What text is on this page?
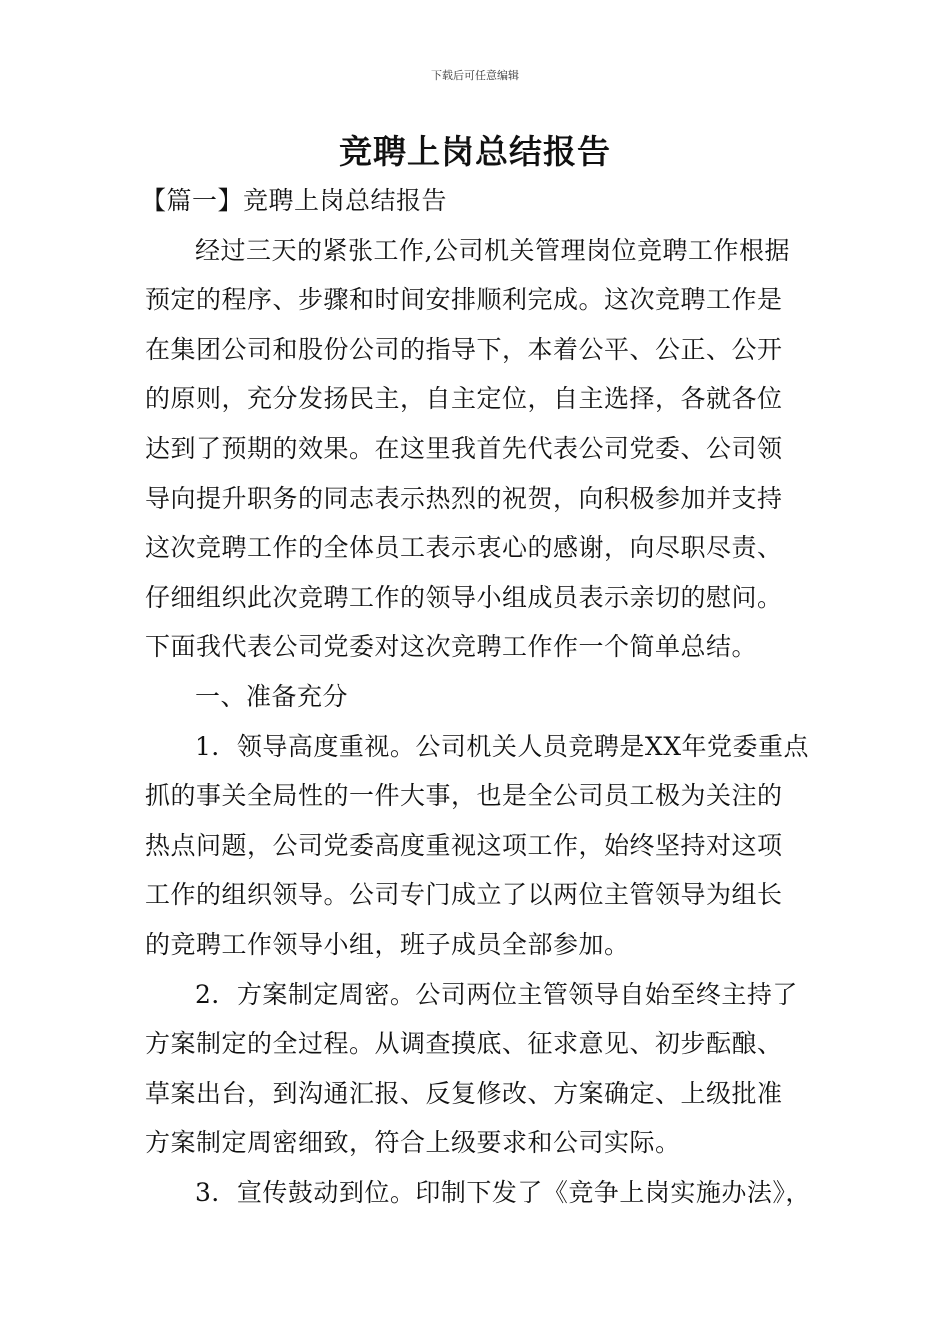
下载后可任意编辑
竞聘上岗总结报告
【篇一】竞聘上岗总结报告
经过三天的紧张工作,公司机关管理岗位竞聘工作根据
预定的程序、步骤和时间安排顺利完成。这次竞聘工作是
在集团公司和股份公司的指导下，本着公平、公正、公开
的原则，充分发扬民主，自主定位，自主选择，各就各位
达到了预期的效果。在这里我首先代表公司党委、公司领
导向提升职务的同志表示热烈的祝贺，向积极参加并支持
这次竞聘工作的全体员工表示衷心的感谢，向尽职尽责、
仔细组织此次竞聘工作的领导小组成员表示亲切的慰问。
下面我代表公司党委对这次竞聘工作作一个简单总结。
一、准备充分
1．领导高度重视。公司机关人员竞聘是XX年党委重点
抓的事关全局性的一件大事，也是全公司员工极为关注的
热点问题，公司党委高度重视这项工作，始终坚持对这项
工作的组织领导。公司专门成立了以两位主管领导为组长
的竞聘工作领导小组，班子成员全部参加。
2．方案制定周密。公司两位主管领导自始至终主持了
方案制定的全过程。从调查摸底、征求意见、初步酝酿、
草案出台，到沟通汇报、反复修改、方案确定、上级批准
方案制定周密细致，符合上级要求和公司实际。
3．宣传鼓动到位。印制下发了《竞争上岗实施办法》，
